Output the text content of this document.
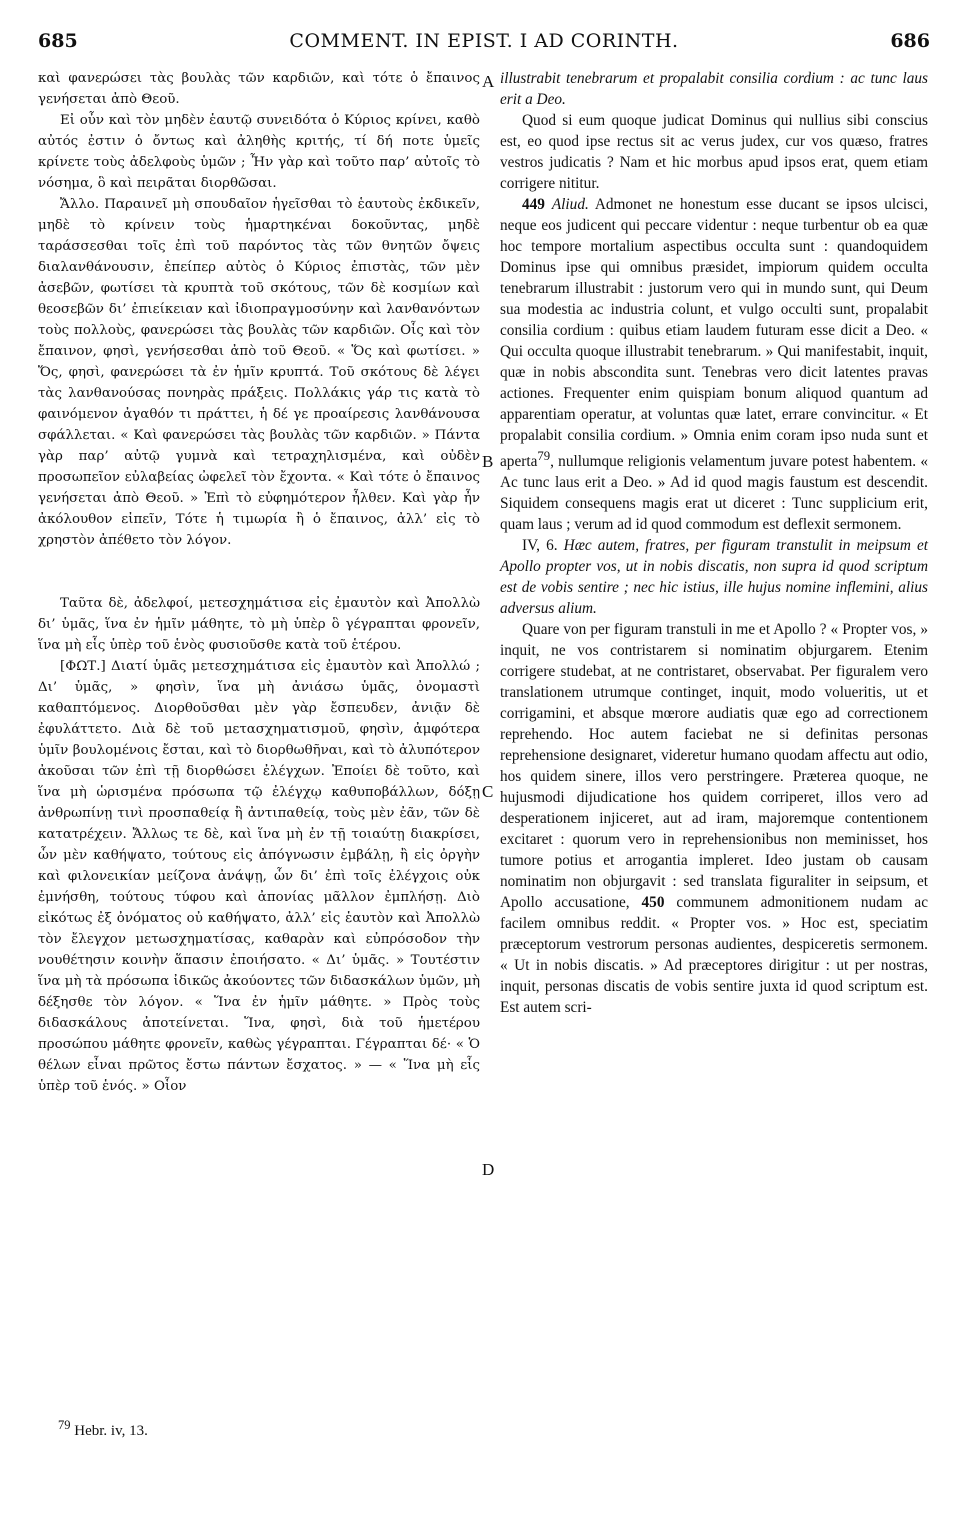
685	COMMENT. IN EPIST. I AD CORINTH.	686

καὶ φανερώσει τὰς βουλὰς τῶν καρδιῶν, καὶ τότε ὁ ἔπαινος γενήσεται ἀπὸ Θεοῦ.

Εἰ οὖν καὶ τὸν μηδὲν ἑαυτῷ συνειδότα ὁ Κύριος κρίνει, καθὸ αὐτός ἐστιν ὁ ὄντως καὶ ἀληθὴς κριτής, τί δή ποτε ὑμεῖς κρίνετε τοὺς ἀδελφοὺς ὑμῶν ; Ἦν γὰρ καὶ τοῦτο παρ’ αὐτοῖς τὸ νόσημα, ὃ καὶ πειρᾶται διορθῶσαι.

Ἄλλο. Παραινεῖ μὴ σπουδαῖον ἡγεῖσθαι τὸ ἑαυτοὺς ἐκδικεῖν, μηδὲ τὸ κρίνειν τοὺς ἡμαρτηκέναι δοκοῦντας, μηδὲ ταράσσεσθαι τοῖς ἐπὶ τοῦ παρόντος τὰς τῶν θνητῶν ὄψεις διαλανθάνουσιν, ἐπείπερ αὐτὸς ὁ Κύριος ἐπιστὰς, τῶν μὲν ἀσεβῶν, φωτίσει τὰ κρυπτὰ τοῦ σκότους, τῶν δὲ κοσμίων καὶ θεοσεβῶν δι’ ἐπιείκειαν καὶ ἰδιοπραγμοσύνην καὶ λανθανόντων τοὺς πολλοὺς, φανερώσει τὰς βουλὰς τῶν καρδιῶν. Οἷς καὶ τὸν ἔπαινον, φησὶ, γενήσεσθαι ἀπὸ τοῦ Θεοῦ. « Ὅς καὶ φωτίσει. » Ὅς, φησὶ, φανερώσει τὰ ἐν ἡμῖν κρυπτά. Τοῦ σκότους δὲ λέγει τὰς λανθανούσας πονηρὰς πράξεις. Πολλάκις γάρ τις κατὰ τὸ φαινόμενον ἀγαθόν τι πράττει, ἡ δέ γε προαίρεσις λανθάνουσα σφάλλεται. « Καὶ φανερώσει τὰς βουλὰς τῶν καρδιῶν. » Πάντα γὰρ παρ’ αὐτῷ γυμνὰ καὶ τετραχηλισμένα, καὶ οὐδὲν προσωπεῖον εὐλαβείας ὠφελεῖ τὸν ἔχοντα. « Καὶ τότε ὁ ἔπαινος γενήσεται ἀπὸ Θεοῦ. » Ἐπὶ τὸ εὐφημότερον ἦλθεν. Καὶ γὰρ ἦν ἀκόλουθον εἰπεῖν, Τότε ἡ τιμωρία ἢ ὁ ἔπαινος, ἀλλ’ εἰς τὸ χρηστὸν ἀπέθετο τὸν λόγον.

Ταῦτα δὲ, ἀδελφοί, μετεσχημάτισα εἰς ἐμαυτὸν καὶ Ἀπολλὼ δι’ ὑμᾶς, ἵνα ἐν ἡμῖν μάθητε, τὸ μὴ ὑπὲρ ὃ γέγραπται φρονεῖν, ἵνα μὴ εἷς ὑπὲρ τοῦ ἑνὸς φυσιοῦσθε κατὰ τοῦ ἑτέρου.

[ΦΩΤ.] Διατί ὑμᾶς μετεσχημάτισα εἰς ἐμαυτὸν καὶ Ἀπολλώ ; Δι’ ὑμᾶς, » φησὶν, ἵνα μὴ ἀνιάσω ὑμᾶς, ὀνομαστὶ καθαπτόμενος. Διορθοῦσθαι μὲν γὰρ ἔσπευδεν, ἀνιᾷν δὲ ἐφυλάττετο. Διὰ δὲ τοῦ μετασχηματισμοῦ, φησὶν, ἀμφότερα ὑμῖν βουλομένοις ἔσται, καὶ τὸ διορθωθῆναι, καὶ τὸ ἀλυπότερον ἀκοῦσαι τῶν ἐπὶ τῇ διορθώσει ἐλέγχων. Ἐποίει δὲ τοῦτο, καὶ ἵνα μὴ ὡρισμένα πρόσωπα τῷ ἐλέγχῳ καθυποβάλλων, δόξῃ ἀνθρωπίνῃ τινὶ προσπαθείᾳ ἢ ἀντιπαθείᾳ, τοὺς μὲν ἐᾶν, τῶν δὲ κατατρέχειν. Ἄλλως τε δὲ, καὶ ἵνα μὴ ἐν τῇ τοιαύτῃ διακρίσει, ὧν μὲν καθήψατο, τούτους εἰς ἀπόγνωσιν ἐμβάλῃ, ἢ εἰς ὀργὴν καὶ φιλονεικίαν μείζονα ἀνάψῃ, ὧν δι’ ἐπὶ τοῖς ἐλέγχοις οὐκ ἐμνήσθη, τούτους τύφου καὶ ἀπονίας μᾶλλον ἐμπλήσῃ. Διὸ εἰκότως ἐξ ὀνόματος οὐ καθήψατο, ἀλλ’ εἰς ἑαυτὸν καὶ Ἀπολλὼ τὸν ἔλεγχον μετωσχηματίσας, καθαρὰν καὶ εὐπρόσοδον τὴν νουθέτησιν κοινὴν ἅπασιν ἐποιήσατο. « Δι’ ὑμᾶς. » Τουτέστιν ἵνα μὴ τὰ πρόσωπα ἰδικῶς ἀκούοντες τῶν διδασκάλων ὑμῶν, μὴ δέξησθε τὸν λόγον. « Ἵνα ἐν ἡμῖν μάθητε. » Πρὸς τοὺς διδασκάλους ἀποτείνεται. Ἵνα, φησὶ, διὰ τοῦ ἡμετέρου προσώπου μάθητε φρονεῖν, καθὼς γέγραπται. Γέγραπται δέ· « Ὁ θέλων εἶναι πρῶτος ἔστω πάντων ἔσχατος. » — « Ἵνα μὴ εἷς ὑπὲρ τοῦ ἑνός. » Οἷον

A
B
C
D

illustrabit tenebrarum et propalabit consilia cordium : ac tunc laus erit a Deo.

Quod si eum quoque judicat Dominus qui nullius sibi conscius est, eo quod ipse rectus sit ac verus judex, cur vos quæso, fratres vestros judicatis ? Nam et hic morbus apud ipsos erat, quem etiam corrigere nititur.

449 Aliud. Admonet ne honestum esse ducant se ipsos ulcisci, neque eos judicent qui peccare videntur : neque turbentur ob ea quæ hoc tempore mortalium aspectibus occulta sunt : quandoquidem Dominus ipse qui omnibus præsidet, impiorum quidem occulta tenebrarum illustrabit : justorum vero qui in mundo sunt, qui Deum sua modestia ac industria colunt, et vulgo occulti sunt, propalabit consilia cordium : quibus etiam laudem futuram esse dicit a Deo. « Qui occulta quoque illustrabit tenebrarum. » Qui manifestabit, inquit, quæ in nobis abscondita sunt. Tenebras vero dicit latentes pravas actiones. Frequenter enim quispiam bonum aliquod quantum ad apparentiam operatur, at voluntas quæ latet, errare convincitur. « Et propalabit consilia cordium. » Omnia enim coram ipso nuda sunt et aperta$^{79}$, nullumque religionis velamentum juvare potest habentem. « Ac tunc laus erit a Deo. » Ad id quod magis faustum est descendit. Siquidem consequens magis erat ut diceret : Tunc supplicium erit, quam laus ; verum ad id quod commodum est deflexit sermonem.

IV, 6. Hæc autem, fratres, per figuram transtulit in meipsum et Apollo propter vos, ut in nobis discatis, non supra id quod scriptum est de vobis sentire ; nec hic istius, ille hujus nomine inflemini, alius adversus alium.

Quare von per figuram transtuli in me et Apollo ? « Propter vos, » inquit, ne vos contristarem si nominatim objurgarem. Etenim corrigere studebat, at ne contristaret, observabat. Per figuralem vero translationem utrumque continget, inquit, modo volueritis, ut et corrigamini, et absque mœrore audiatis quæ ego ad correctionem reprehendo. Hoc autem faciebat ne si definitas personas reprehensione designaret, videretur humano quodam affectu aut odio, hos quidem sinere, illos vero perstringere. Præterea quoque, ne hujusmodi dijudicatione hos quidem corriperet, illos vero ad desperationem injiceret, aut ad iram, majoremque contentionem excitaret : quorum vero in reprehensionibus non meminisset, hos tumore potius et arrogantia impleret. Ideo justam ob causam nominatim non objurgavit : sed translata figuraliter in seipsum, et Apollo accusatione, 450 communem admonitionem nudam ac facilem omnibus reddit. « Propter vos. » Hoc est, speciatim præceptorum vestrorum personas audientes, despiceretis sermonem. « Ut in nobis discatis. » Ad præceptores dirigitur : ut per nostras, inquit, personas discatis de vobis sentire juxta id quod scriptum est. Est autem scri-

$^{79}$ Hebr. iv, 13.
